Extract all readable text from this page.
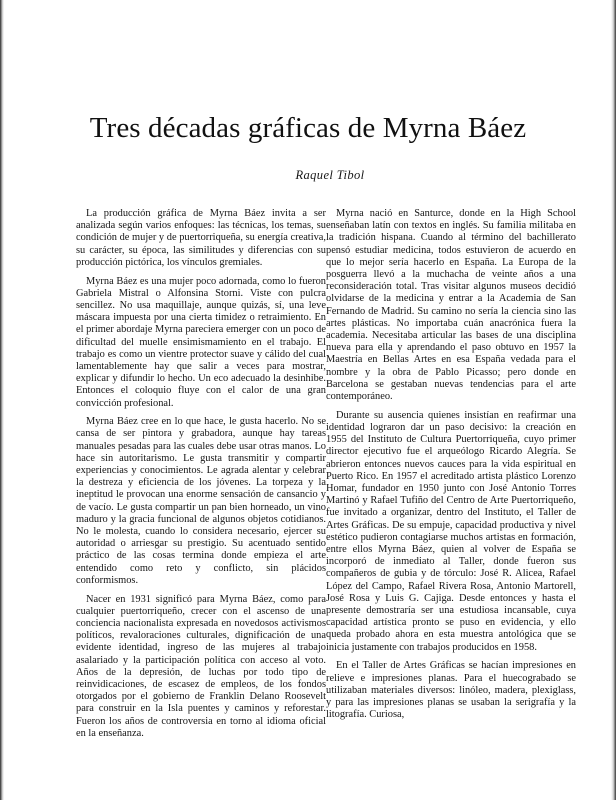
Tres décadas gráficas de Myrna Báez
Raquel Tibol

La producción gráfica de Myrna Báez invita a ser analizada según varios enfoques: las técnicas, los temas, su condición de mujer y de puertorriqueña, su energía creativa, su carácter, su época, las similitudes y diferencias con su producción pictórica, los vínculos gremiales.

Myrna Báez es una mujer poco adornada, como lo fueron Gabriela Mistral o Alfonsina Storni. Viste con pulcra sencillez. No usa maquillaje, aunque quizás, sí, una leve máscara impuesta por una cierta timidez o retraimiento. En el primer abordaje Myrna pareciera emerger con un poco de dificultad del muelle ensimismamiento en el trabajo. El trabajo es como un vientre protector suave y cálido del cual lamentablemente hay que salir a veces para mostrar, explicar y difundir lo hecho. Un eco adecuado la desinhibe. Entonces el coloquio fluye con el calor de una gran convicción profesional.

Myrna Báez cree en lo que hace, le gusta hacerlo. No se cansa de ser pintora y grabadora, aunque hay tareas manuales pesadas para las cuales debe usar otras manos. Lo hace sin autoritarismo. Le gusta transmitir y compartir experiencias y conocimientos. Le agrada alentar y celebrar la destreza y eficiencia de los jóvenes. La torpeza y la ineptitud le provocan una enorme sensación de cansancio y de vacío. Le gusta compartir un pan bien horneado, un vino maduro y la gracia funcional de algunos objetos cotidianos. No le molesta, cuando lo considera necesario, ejercer su autoridad o arriesgar su prestigio. Su acentuado sentido práctico de las cosas termina donde empieza el arte entendido como reto y conflicto, sin plácidos conformismos.

Nacer en 1931 significó para Myrna Báez, como para cualquier puertorriqueño, crecer con el ascenso de una conciencia nacionalista expresada en novedosos activismos políticos, revaloraciones culturales, dignificación de una evidente identidad, ingreso de las mujeres al trabajo asalariado y la participación política con acceso al voto. Años de la depresión, de luchas por todo tipo de reinvidicaciones, de escasez de empleos, de los fondos otorgados por el gobierno de Franklin Delano Roosevelt para construir en la Isla puentes y caminos y reforestar. Fueron los años de controversia en torno al idioma oficial en la enseñanza.

Myrna nació en Santurce, donde en la High School enseñaban latín con textos en inglés. Su familia militaba en la tradición hispana. Cuando al término del bachillerato pensó estudiar medicina, todos estuvieron de acuerdo en que lo mejor sería hacerlo en España. La Europa de la posguerra llevó a la muchacha de veinte años a una reconsideración total. Tras visitar algunos museos decidió olvidarse de la medicina y entrar a la Academia de San Fernando de Madrid. Su camino no sería la ciencia sino las artes plásticas. No importaba cuán anacrónica fuera la academia. Necesitaba articular las bases de una disciplina nueva para ella y aprendando el paso obtuvo en 1957 la Maestría en Bellas Artes en esa España vedada para el nombre y la obra de Pablo Picasso; pero donde en Barcelona se gestaban nuevas tendencias para el arte contemporáneo.

Durante su ausencia quienes insistían en reafirmar una identidad lograron dar un paso decisivo: la creación en 1955 del Instituto de Cultura Puertorriqueña, cuyo primer director ejecutivo fue el arqueólogo Ricardo Alegría. Se abrieron entonces nuevos cauces para la vida espiritual en Puerto Rico. En 1957 el acreditado artista plástico Lorenzo Homar, fundador en 1950 junto con José Antonio Torres Martinó y Rafael Tufiño del Centro de Arte Puertorriqueño, fue invitado a organizar, dentro del Instituto, el Taller de Artes Gráficas. De su empuje, capacidad productiva y nivel estético pudieron contagiarse muchos artistas en formación, entre ellos Myrna Báez, quien al volver de España se incorporó de inmediato al Taller, donde fueron sus compañeros de gubia y de tórculo: José R. Alicea, Rafael López del Campo, Rafael Rivera Rosa, Antonio Martorell, José Rosa y Luis G. Cajiga. Desde entonces y hasta el presente demostraría ser una estudiosa incansable, cuya capacidad artística pronto se puso en evidencia, y ello queda probado ahora en esta muestra antológica que se inicia justamente con trabajos producidos en 1958.

En el Taller de Artes Gráficas se hacían impresiones en relieve e impresiones planas. Para el huecograbado se utilizaban materiales diversos: linóleo, madera, plexiglass, y para las impresiones planas se usaban la serigrafía y la litografía. Curiosa,
